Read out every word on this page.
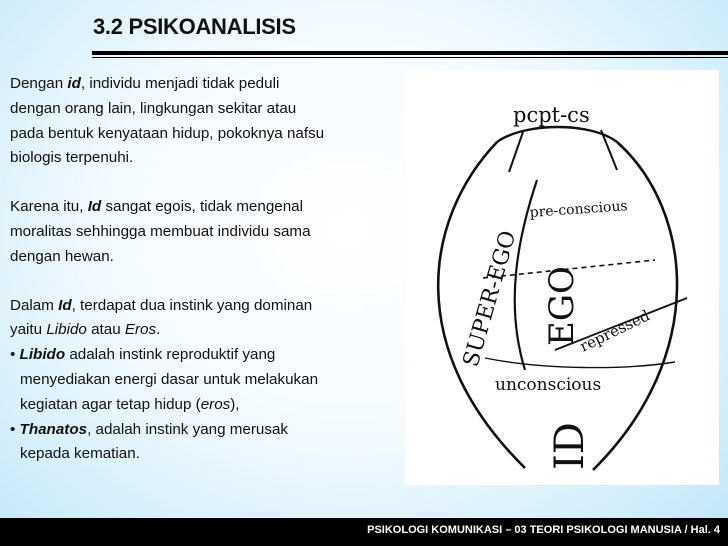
3.2 PSIKOANALISIS

Dengan id, individu menjadi tidak peduli

dengan orang lain, lingkungan sekitar atau

pada bentuk kenyataan hidup, pokoknya nafsu

biologis terpenuhi.

Karena itu, Id sangat egois, tidak mengenal

moralitas sehhingga membuat individu sama

dengan hewan.

Dalam Id, terdapat dua instink yang dominan

yaitu Libido atau Eros.

• Libido adalah instink reproduktif yang

menyediakan energi dasar untuk melakukan

kegiatan agar tetap hidup (eros),

• Thanatos, adalah instink yang merusak

kepada kematian.

pcpt-cs
pre-conscious
SUPER-EGO EGO
repressed
unconscious
ID
PSIKOLOGI KOMUNIKASI – 03 TEORI PSIKOLOGI MANUSIA / Hal. 4
